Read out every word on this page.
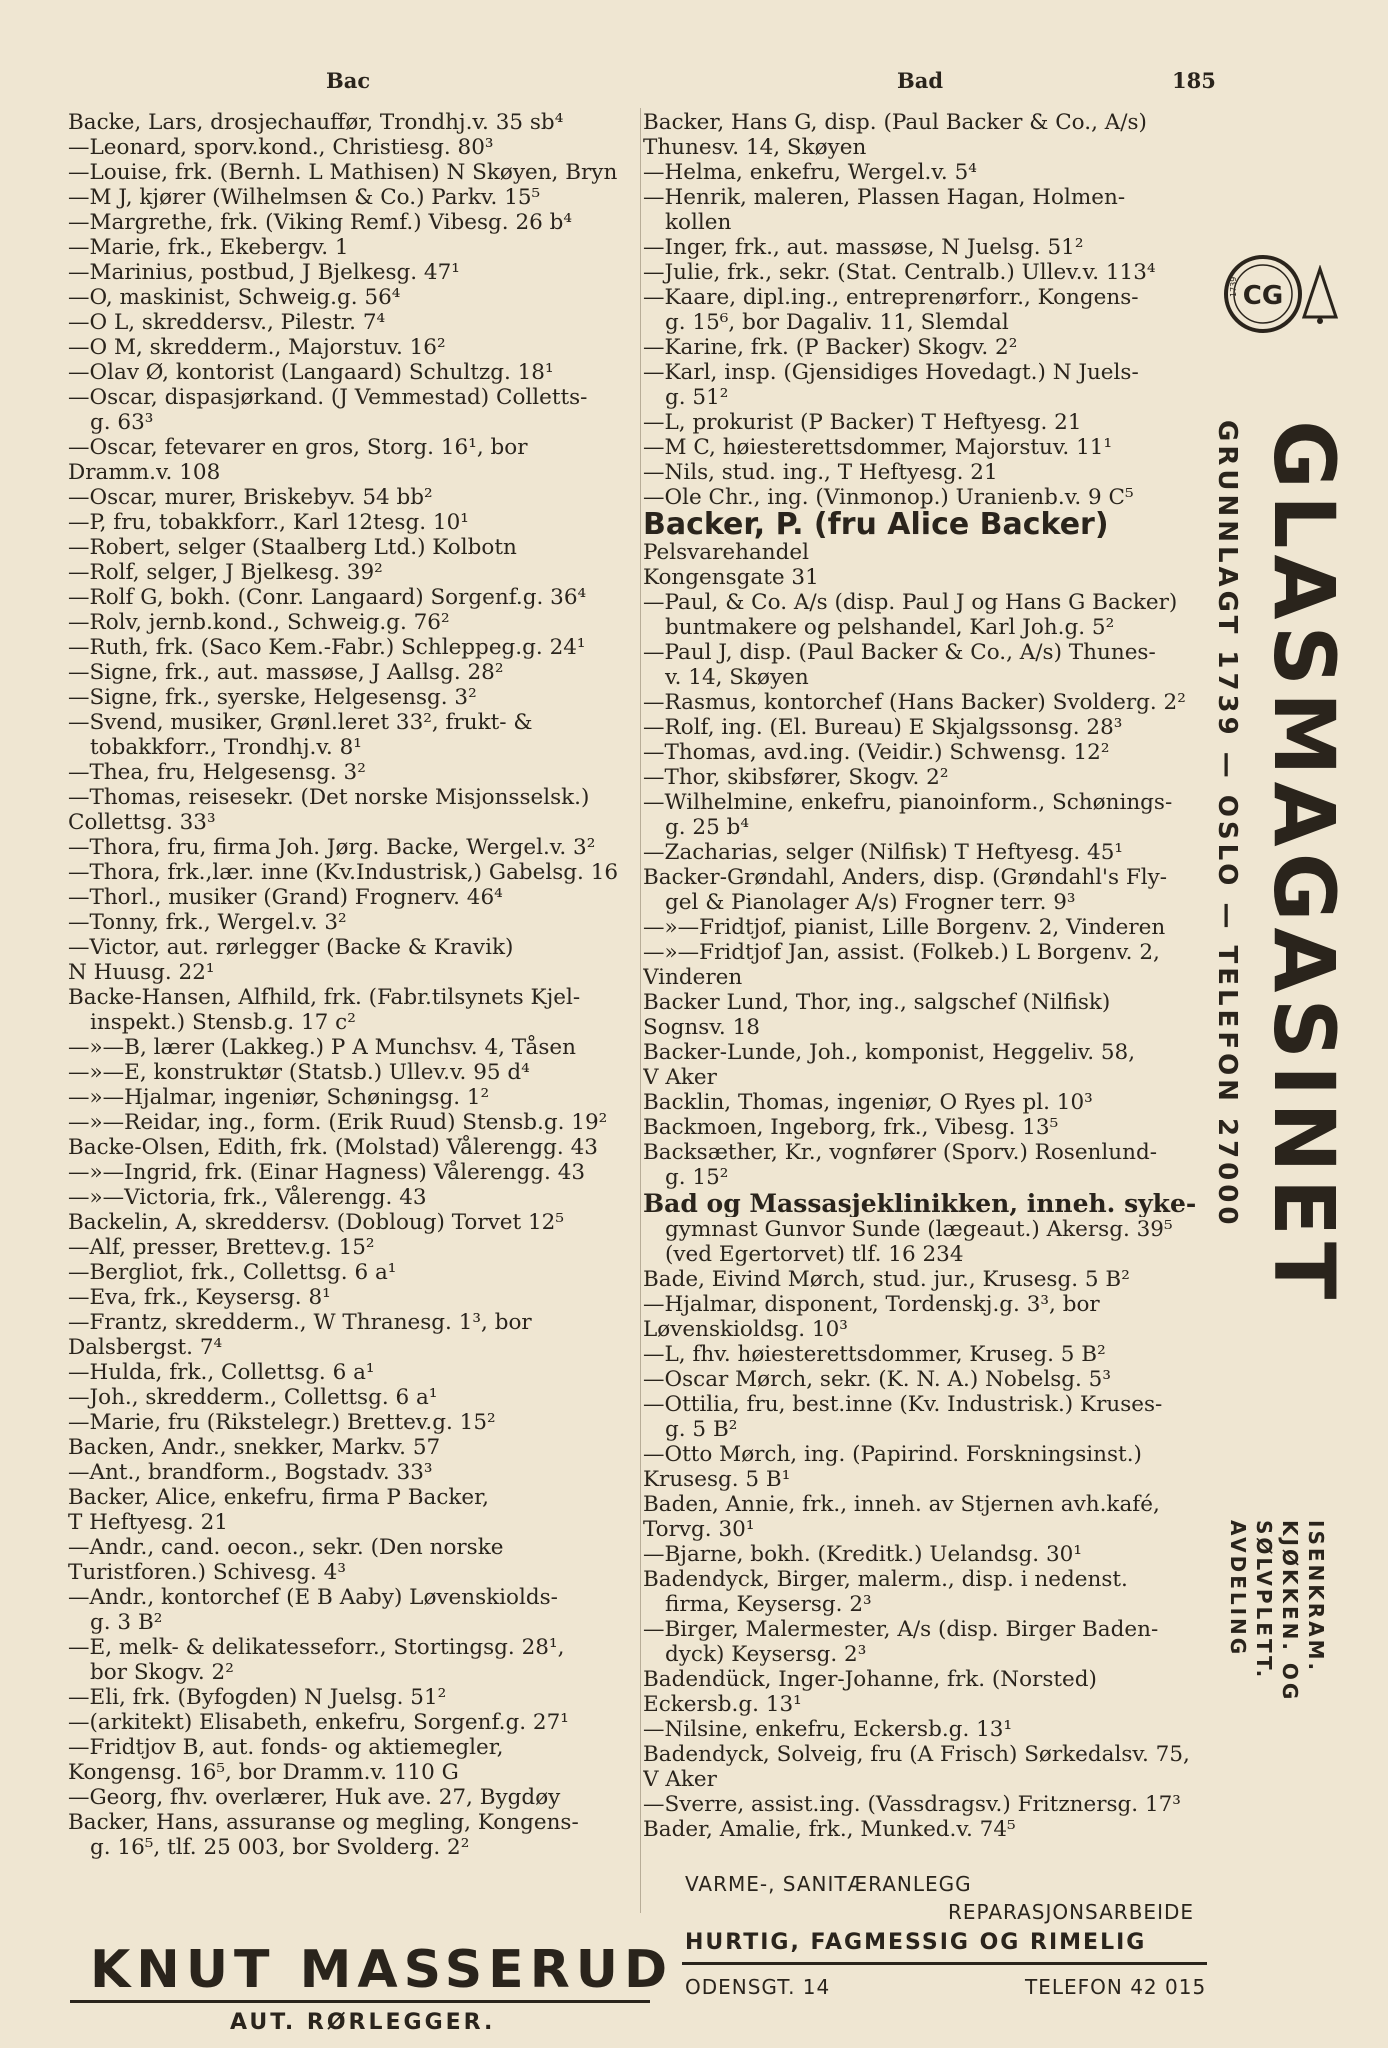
Bac	Bad	185
Backe, Lars, drosjechauffør, Trondhj.v. 35 sb⁴
—Leonard, sporv.kond., Christiesg. 80³
—Louise, frk. (Bernh. L Mathisen) N Skøyen, Bryn
—M J, kjører (Wilhelmsen & Co.) Parkv. 15⁵
—Margrethe, frk. (Viking Remf.) Vibesg. 26 b⁴
—Marie, frk., Ekebergv. 1
—Marinius, postbud, J Bjelkesg. 47¹
—O, maskinist, Schweig.g. 56⁴
—O L, skreddersv., Pilestr. 7⁴
—O M, skredderm., Majorstuv. 16²
—Olav Ø, kontorist (Langaard) Schultzg. 18¹
—Oscar, dispasjørkand. (J Vemmestad) Colletts-
g. 63³
—Oscar, fetevarer en gros, Storg. 16¹, bor
Dramm.v. 108
—Oscar, murer, Briskebyv. 54 bb²
—P, fru, tobakkforr., Karl 12tesg. 10¹
—Robert, selger (Staalberg Ltd.) Kolbotn
—Rolf, selger, J Bjelkesg. 39²
—Rolf G, bokh. (Conr. Langaard) Sorgenf.g. 36⁴
—Rolv, jernb.kond., Schweig.g. 76²
—Ruth, frk. (Saco Kem.-Fabr.) Schleppeg.g. 24¹
—Signe, frk., aut. massøse, J Aallsg. 28²
—Signe, frk., syerske, Helgesensg. 3²
—Svend, musiker, Grønl.leret 33², frukt- &
tobakkforr., Trondhj.v. 8¹
—Thea, fru, Helgesensg. 3²
—Thomas, reisesekr. (Det norske Misjonsselsk.)
Collettsg. 33³
—Thora, fru, firma Joh. Jørg. Backe, Wergel.v. 3²
—Thora, frk.,lær. inne (Kv.Industrisk,) Gabelsg. 16
—Thorl., musiker (Grand) Frognerv. 46⁴
—Tonny, frk., Wergel.v. 3²
—Victor, aut. rørlegger (Backe & Kravik)
N Huusg. 22¹
Backe-Hansen, Alfhild, frk. (Fabr.tilsynets Kjel-
inspekt.) Stensb.g. 17 c²
—»—B, lærer (Lakkeg.) P A Munchsv. 4, Tåsen
—»—E, konstruktør (Statsb.) Ullev.v. 95 d⁴
—»—Hjalmar, ingeniør, Schøningsg. 1²
—»—Reidar, ing., form. (Erik Ruud) Stensb.g. 19²
Backe-Olsen, Edith, frk. (Molstad) Vålerengg. 43
—»—Ingrid, frk. (Einar Hagness) Vålerengg. 43
—»—Victoria, frk., Vålerengg. 43
Backelin, A, skreddersv. (Dobloug) Torvet 12⁵
—Alf, presser, Brettev.g. 15²
—Bergliot, frk., Collettsg. 6 a¹
—Eva, frk., Keysersg. 8¹
—Frantz, skredderm., W Thranesg. 1³, bor
Dalsbergst. 7⁴
—Hulda, frk., Collettsg. 6 a¹
—Joh., skredderm., Collettsg. 6 a¹
—Marie, fru (Rikstelegr.) Brettev.g. 15²
Backen, Andr., snekker, Markv. 57
—Ant., brandform., Bogstadv. 33³
Backer, Alice, enkefru, firma P Backer,
T Heftyesg. 21
—Andr., cand. oecon., sekr. (Den norske
Turistforen.) Schivesg. 4³
—Andr., kontorchef (E B Aaby) Løvenskiolds-
g. 3 B²
—E, melk- & delikatesseforr., Stortingsg. 28¹,
bor Skogv. 2²
—Eli, frk. (Byfogden) N Juelsg. 51²
—(arkitekt) Elisabeth, enkefru, Sorgenf.g. 27¹
—Fridtjov B, aut. fonds- og aktiemegler,
Kongensg. 16⁵, bor Dramm.v. 110 G
—Georg, fhv. overlærer, Huk ave. 27, Bygdøy
Backer, Hans, assuranse og megling, Kongens-
g. 16⁵, tlf. 25 003, bor Svolderg. 2²
Backer, Hans G, disp. (Paul Backer & Co., A/s)
Thunesv. 14, Skøyen
—Helma, enkefru, Wergel.v. 5⁴
—Henrik, maleren, Plassen Hagan, Holmen-
kollen
—Inger, frk., aut. massøse, N Juelsg. 51²
—Julie, frk., sekr. (Stat. Centralb.) Ullev.v. 113⁴
—Kaare, dipl.ing., entreprenørforr., Kongens-
g. 15⁶, bor Dagaliv. 11, Slemdal
—Karine, frk. (P Backer) Skogv. 2²
—Karl, insp. (Gjensidiges Hovedagt.) N Juels-
g. 51²
—L, prokurist (P Backer) T Heftyesg. 21
—M C, høiesterettsdommer, Majorstuv. 11¹
—Nils, stud. ing., T Heftyesg. 21
—Ole Chr., ing. (Vinmonop.) Uranienb.v. 9 C⁵
Backer, P. (fru Alice Backer)
Pelsvarehandel
Kongensgate 31
—Paul, & Co. A/s (disp. Paul J og Hans G Backer)
buntmakere og pelshandel, Karl Joh.g. 5²
—Paul J, disp. (Paul Backer & Co., A/s) Thunes-
v. 14, Skøyen
—Rasmus, kontorchef (Hans Backer) Svolderg. 2²
—Rolf, ing. (El. Bureau) E Skjalgssonsg. 28³
—Thomas, avd.ing. (Veidir.) Schwensg. 12²
—Thor, skibsfører, Skogv. 2²
—Wilhelmine, enkefru, pianoinform., Schønings-
g. 25 b⁴
—Zacharias, selger (Nilfisk) T Heftyesg. 45¹
Backer-Grøndahl, Anders, disp. (Grøndahl's Fly-
gel & Pianolager A/s) Frogner terr. 9³
—»—Fridtjof, pianist, Lille Borgenv. 2, Vinderen
—»—Fridtjof Jan, assist. (Folkeb.) L Borgenv. 2,
Vinderen
Backer Lund, Thor, ing., salgschef (Nilfisk)
Sognsv. 18
Backer-Lunde, Joh., komponist, Heggeliv. 58,
V Aker
Backlin, Thomas, ingeniør, O Ryes pl. 10³
Backmoen, Ingeborg, frk., Vibesg. 13⁵
Backsæther, Kr., vognfører (Sporv.) Rosenlund-
g. 15²
Bad og Massasjeklinikken, inneh. syke-
gymnast Gunvor Sunde (lægeaut.) Akersg. 39⁵
(ved Egertorvet) tlf. 16 234
Bade, Eivind Mørch, stud. jur., Krusesg. 5 B²
—Hjalmar, disponent, Tordenskj.g. 3³, bor
Løvenskioldsg. 10³
—L, fhv. høiesterettsdommer, Kruseg. 5 B²
—Oscar Mørch, sekr. (K. N. A.) Nobelsg. 5³
—Ottilia, fru, best.inne (Kv. Industrisk.) Kruses-
g. 5 B²
—Otto Mørch, ing. (Papirind. Forskningsinst.)
Krusesg. 5 B¹
Baden, Annie, frk., inneh. av Stjernen avh.kafé,
Torvg. 30¹
—Bjarne, bokh. (Kreditk.) Uelandsg. 30¹
Badendyck, Birger, malerm., disp. i nedenst.
firma, Keysersg. 2³
—Birger, Malermester, A/s (disp. Birger Baden-
dyck) Keysersg. 2³
Badendück, Inger-Johanne, frk. (Norsted)
Eckersb.g. 13¹
—Nilsine, enkefru, Eckersb.g. 13¹
Badendyck, Solveig, fru (A Frisch) Sørkedalsv. 75,
V Aker
—Sverre, assist.ing. (Vassdragsv.) Fritznersg. 17³
Bader, Amalie, frk., Munked.v. 74⁵
CG
1739
GLASMAGASINET
GRUNNLAGT 1739 — OSLO — TELEFON 27000
ISENKRAM.
KJØKKEN. OG
SØLVPLETT.
AVDELING
KNUT MASSERUD
AUT. RØRLEGGER.
VARME-, SANITÆRANLEGG
REPARASJONSARBEIDE
HURTIG, FAGMESSIG OG RIMELIG
ODENSGT. 14	TELEFON 42 015
